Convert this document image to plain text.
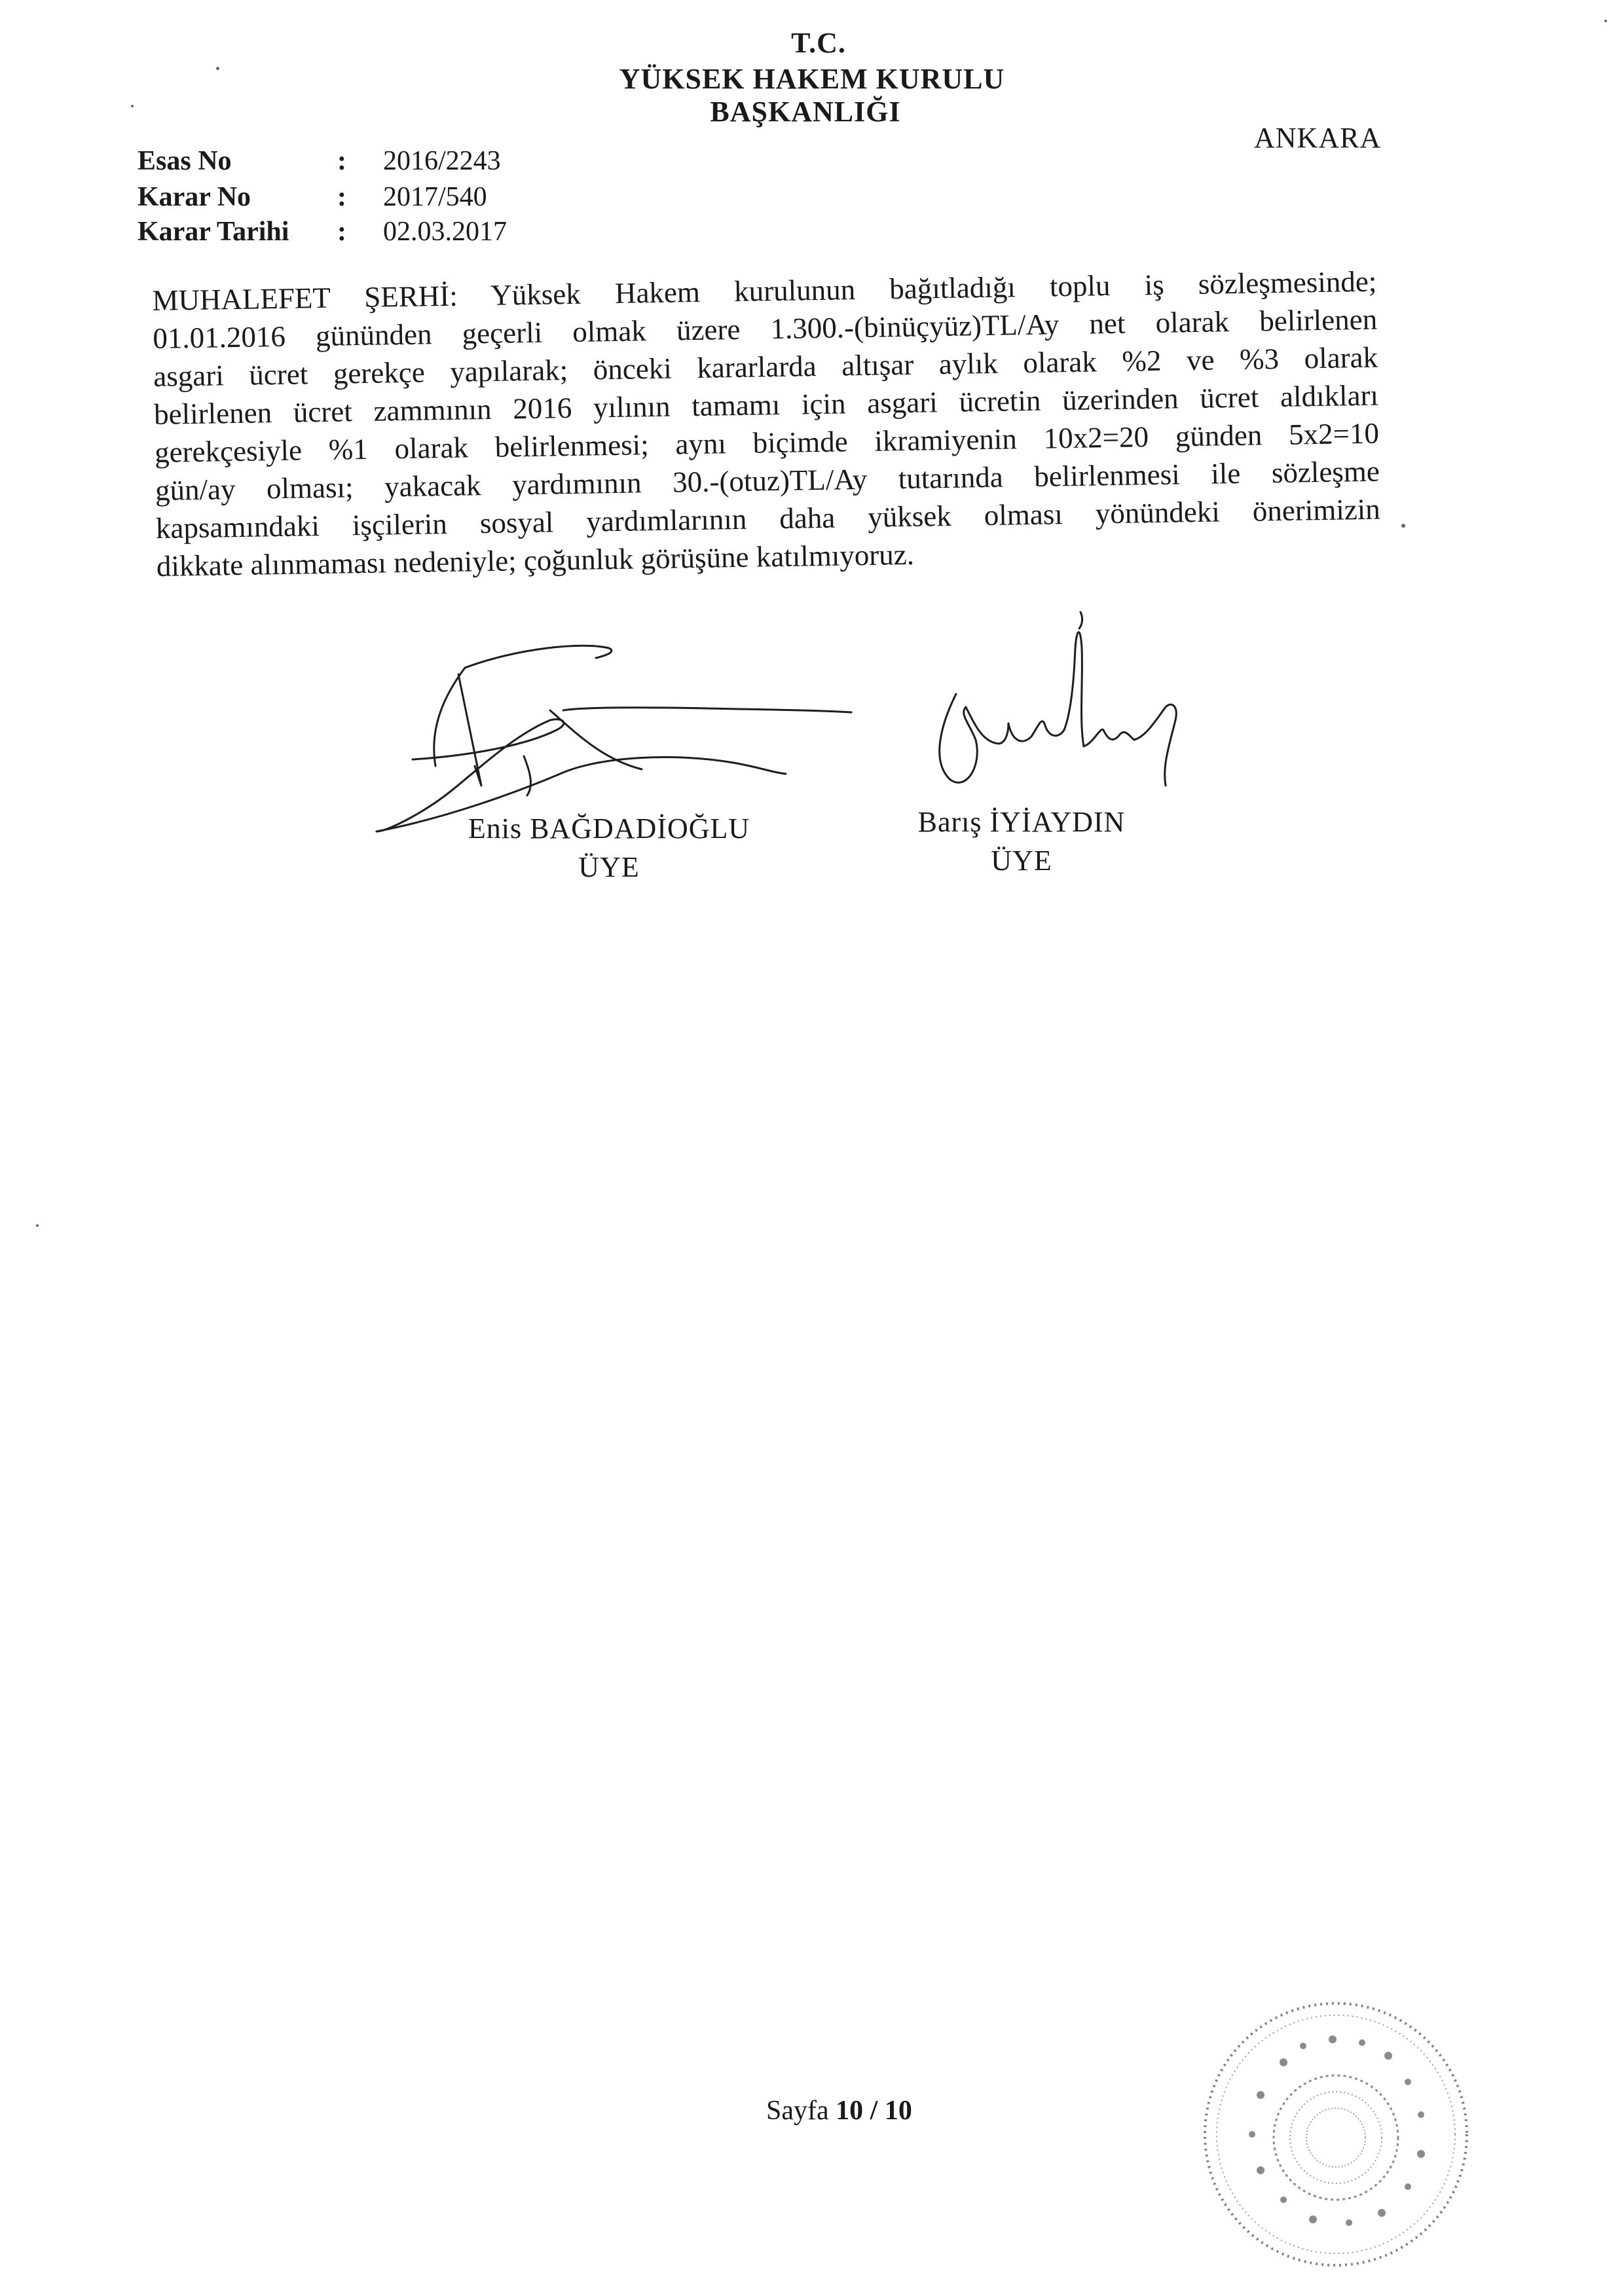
T.C.
YÜKSEK HAKEM KURULU
BAŞKANLIĞI
ANKARA
Esas No	: 2016/2243
Karar No	: 2017/540
Karar Tarihi : 02.03.2017
MUHALEFET ŞERHİ: Yüksek Hakem kurulunun bağıtladığı toplu iş sözleşmesinde;
01.01.2016 gününden geçerli olmak üzere 1.300.-(binüçyüz)TL/Ay net olarak belirlenen
asgari ücret gerekçe yapılarak; önceki kararlarda altışar aylık olarak %2 ve %3 olarak
belirlenen ücret zammının 2016 yılının tamamı için asgari ücretin üzerinden ücret aldıkları
gerekçesiyle %1 olarak belirlenmesi; aynı biçimde ikramiyenin 10x2=20 günden 5x2=10
gün/ay olması; yakacak yardımının 30.-(otuz)TL/Ay tutarında belirlenmesi ile sözleşme
kapsamındaki işçilerin sosyal yardımlarının daha yüksek olması yönündeki önerimizin
dikkate alınmaması nedeniyle; çoğunluk görüşüne katılmıyoruz.
Enis BAĞDADİOĞLU
ÜYE
Barış İYİAYDIN
ÜYE
Sayfa 10 / 10
